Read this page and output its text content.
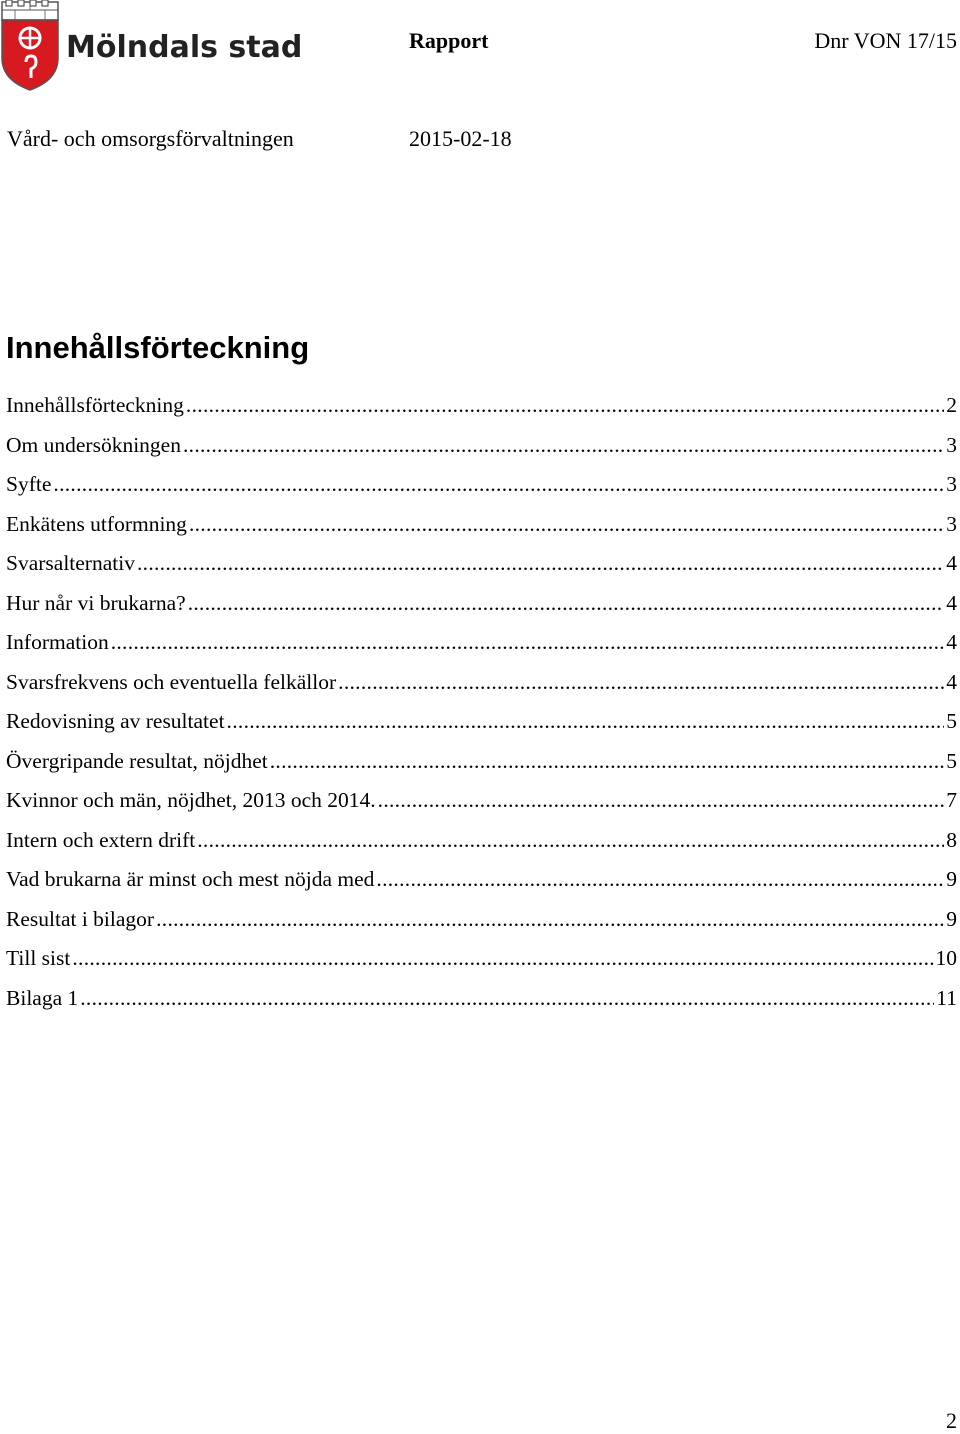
Mölndals stad	Rapport	Dnr VON 17/15
Vård- och omsorgsförvaltningen	2015-02-18
Innehållsförteckning
Innehållsförteckning .....	2
Om undersökningen .....	3
Syfte .....	3
Enkätens utformning .....	3
Svarsalternativ .....	4
Hur når vi brukarna? .....	4
Information .....	4
Svarsfrekvens och eventuella felkällor .....	4
Redovisning av resultatet .....	5
Övergripande resultat, nöjdhet .....	5
Kvinnor och män, nöjdhet, 2013 och 2014. .....	7
Intern och extern drift .....	8
Vad brukarna är minst och mest nöjda med .....	9
Resultat i bilagor .....	9
Till sist .....	10
Bilaga 1 .....	11
2
